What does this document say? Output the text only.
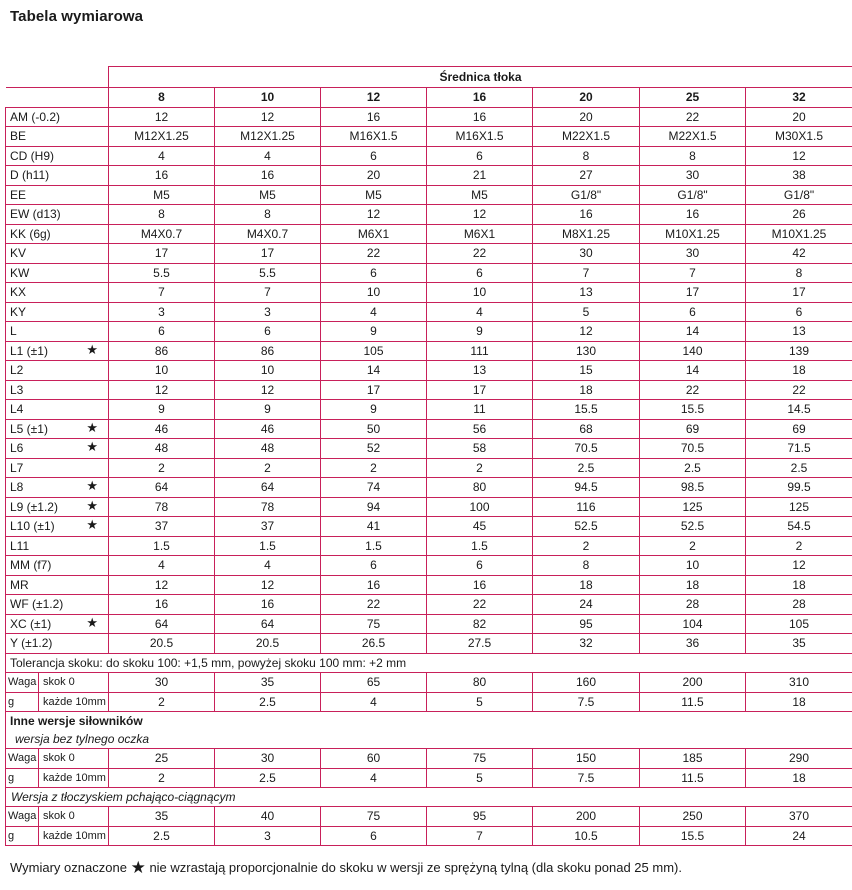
Tabela wymiarowa
		Średnica tłoka						
		8	10	12	16	20	25	32
AM (-0.2)		12	12	16	16	20	22	20
BE		M12X1.25	M12X1.25	M16X1.5	M16X1.5	M22X1.5	M22X1.5	M30X1.5
CD (H9)		4	4	6	6	8	8	12
D (h11)		16	16	20	21	27	30	38
EE		M5	M5	M5	M5	G1/8"	G1/8"	G1/8"
EW (d13)		8	8	12	12	16	16	26
KK (6g)		M4X0.7	M4X0.7	M6X1	M6X1	M8X1.25	M10X1.25	M10X1.25
KV		17	17	22	22	30	30	42
KW		5.5	5.5	6	6	7	7	8
KX		7	7	10	10	13	17	17
KY		3	3	4	4	5	6	6
L		6	6	9	9	12	14	13
L1 (±1) ★		86	86	105	111	130	140	139
L2		10	10	14	13	15	14	18
L3		12	12	17	17	18	22	22
L4		9	9	9	11	15.5	15.5	14.5
L5 (±1) ★		46	46	50	56	68	69	69
L6 ★		48	48	52	58	70.5	70.5	71.5
L7		2	2	2	2	2.5	2.5	2.5
L8 ★		64	64	74	80	94.5	98.5	99.5
L9 (±1.2) ★		78	78	94	100	116	125	125
L10 (±1) ★		37	37	41	45	52.5	52.5	54.5
L11		1.5	1.5	1.5	1.5	2	2	2
MM (f7)		4	4	6	6	8	10	12
MR		12	12	16	16	18	18	18
WF (±1.2)		16	16	22	22	24	28	28
XC (±1) ★		64	64	75	82	95	104	105
Y (±1.2)		20.5	20.5	26.5	27.5	32	36	35
Tolerancja skoku: do skoku 100: +1,5 mm, powyżej skoku 100 mm: +2 mm								
Waga	skok 0	30	35	65	80	160	200	310
g	każde 10mm	2	2.5	4	5	7.5	11.5	18
Inne wersje siłowników								
wersja bez tylnego oczka								
Waga	skok 0	25	30	60	75	150	185	290
g	każde 10mm	2	2.5	4	5	7.5	11.5	18
Wersja z tłoczyskiem pchająco-ciągnącym								
Waga	skok 0	35	40	75	95	200	250	370
g	każde 10mm	2.5	3	6	7	10.5	15.5	24
Wymiary oznaczone ★ nie wzrastają proporcjonalnie do skoku w wersji ze sprężyną tylną (dla skoku ponad 25 mm).
